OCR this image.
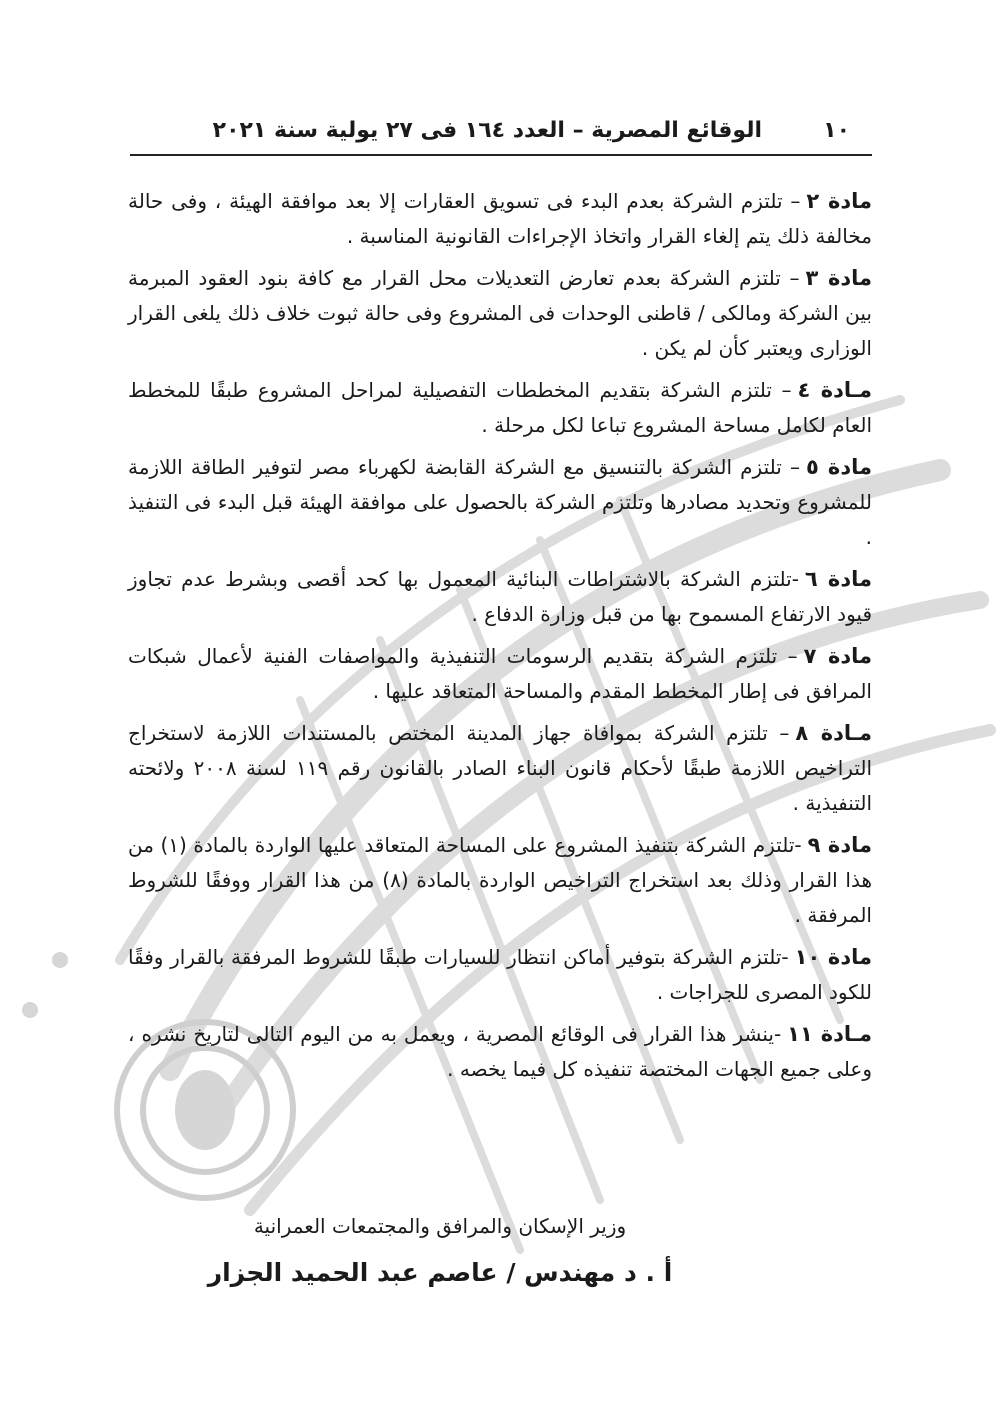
١٠
الوقائع المصرية – العدد ١٦٤ فى ٢٧ يولية سنة ٢٠٢١

مادة ٢– تلتزم الشركة بعدم البدء فى تسويق العقارات إلا بعد موافقة الهيئة ، وفى حالة مخالفة ذلك يتم إلغاء القرار واتخاذ الإجراءات القانونية المناسبة .

مادة ٣– تلتزم الشركة بعدم تعارض التعديلات محل القرار مع كافة بنود العقود المبرمة بين الشركة ومالكى / قاطنى الوحدات فى المشروع وفى حالة ثبوت خلاف ذلك يلغى القرار الوزارى ويعتبر كأن لم يكن .

مـادة ٤– تلتزم الشركة بتقديم المخططات التفصيلية لمراحل المشروع طبقًا للمخطط العام لكامل مساحة المشروع تباعا لكل مرحلة .

مادة ٥– تلتزم الشركة بالتنسيق مع الشركة القابضة لكهرباء مصر لتوفير الطاقة اللازمة للمشروع وتحديد مصادرها وتلتزم الشركة بالحصول على موافقة الهيئة قبل البدء فى التنفيذ .

مادة ٦-تلتزم الشركة بالاشتراطات البنائية المعمول بها كحد أقصى وبشرط عدم تجاوز قيود الارتفاع المسموح بها من قبل وزارة الدفاع .

مادة ٧– تلتزم الشركة بتقديم الرسومات التنفيذية والمواصفات الفنية لأعمال شبكات المرافق فى إطار المخطط المقدم والمساحة المتعاقد عليها .

مـادة ٨– تلتزم الشركة بموافاة جهاز المدينة المختص بالمستندات اللازمة لاستخراج التراخيص اللازمة طبقًا لأحكام قانون البناء الصادر بالقانون رقم ١١٩ لسنة ٢٠٠٨ ولائحته التنفيذية .

مادة ٩-تلتزم الشركة بتنفيذ المشروع على المساحة المتعاقد عليها الواردة بالمادة (١) من هذا القرار وذلك بعد استخراج التراخيص الواردة بالمادة (٨) من هذا القرار ووفقًا للشروط المرفقة .

مادة ١٠-تلتزم الشركة بتوفير أماكن انتظار للسيارات طبقًا للشروط المرفقة بالقرار وفقًا للكود المصرى للجراجات .

مـادة ١١-ينشر هذا القرار فى الوقائع المصرية ، ويعمل به من اليوم التالى لتاريخ نشره ، وعلى جميع الجهات المختصة تنفيذه كل فيما يخصه .

وزير الإسكان والمرافق والمجتمعات العمرانية
أ . د مهندس / عاصم عبد الحميد الجزار
